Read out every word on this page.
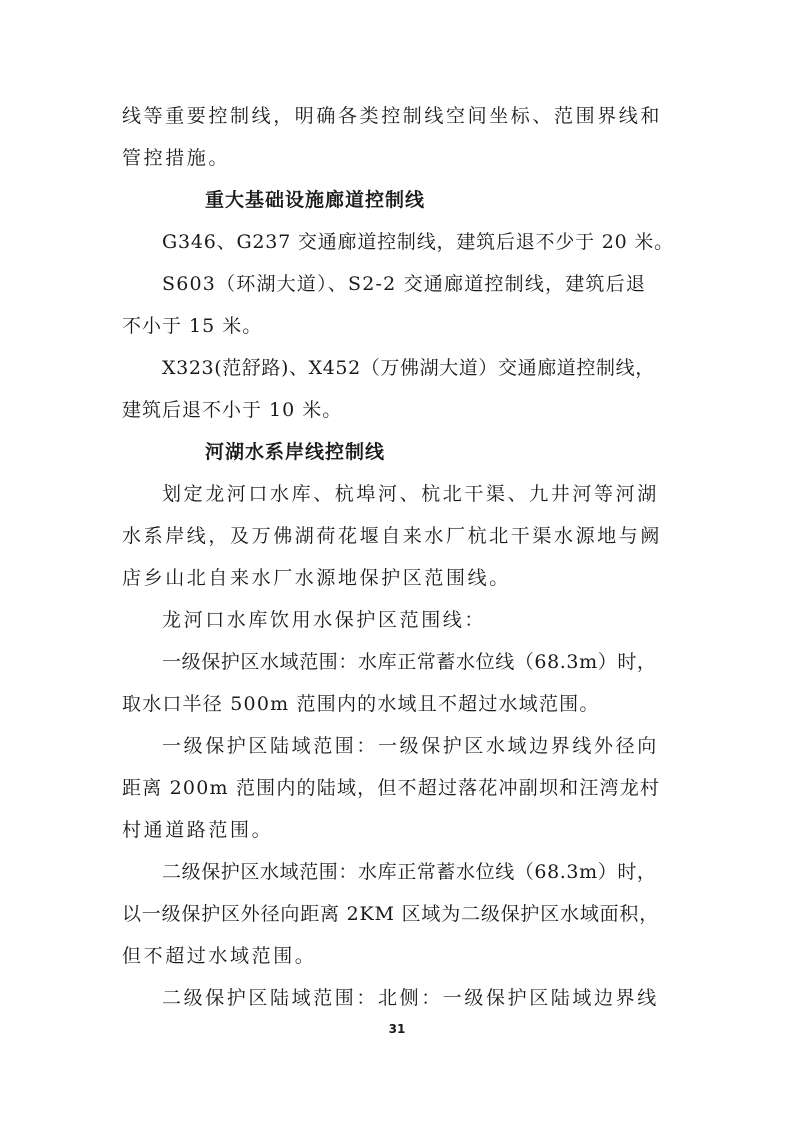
线等重要控制线，明确各类控制线空间坐标、范围界线和
管控措施。
重大基础设施廊道控制线
G346、G237 交通廊道控制线，建筑后退不少于 20 米。
S603（环湖大道）、S2-2 交通廊道控制线，建筑后退
不小于 15 米。
X323(范舒路)、X452（万佛湖大道）交通廊道控制线，
建筑后退不小于 10 米。
河湖水系岸线控制线
划定龙河口水库、杭埠河、杭北干渠、九井河等河湖
水系岸线，及万佛湖荷花堰自来水厂杭北干渠水源地与阙
店乡山北自来水厂水源地保护区范围线。
龙河口水库饮用水保护区范围线：
一级保护区水域范围：水库正常蓄水位线（68.3m）时，
取水口半径 500m 范围内的水域且不超过水域范围。
一级保护区陆域范围：一级保护区水域边界线外径向
距离 200m 范围内的陆域，但不超过落花冲副坝和汪湾龙村
村通道路范围。
二级保护区水域范围：水库正常蓄水位线（68.3m）时，
以一级保护区外径向距离 2KM 区域为二级保护区水域面积，
但不超过水域范围。
二级保护区陆域范围：北侧：一级保护区陆域边界线
31
